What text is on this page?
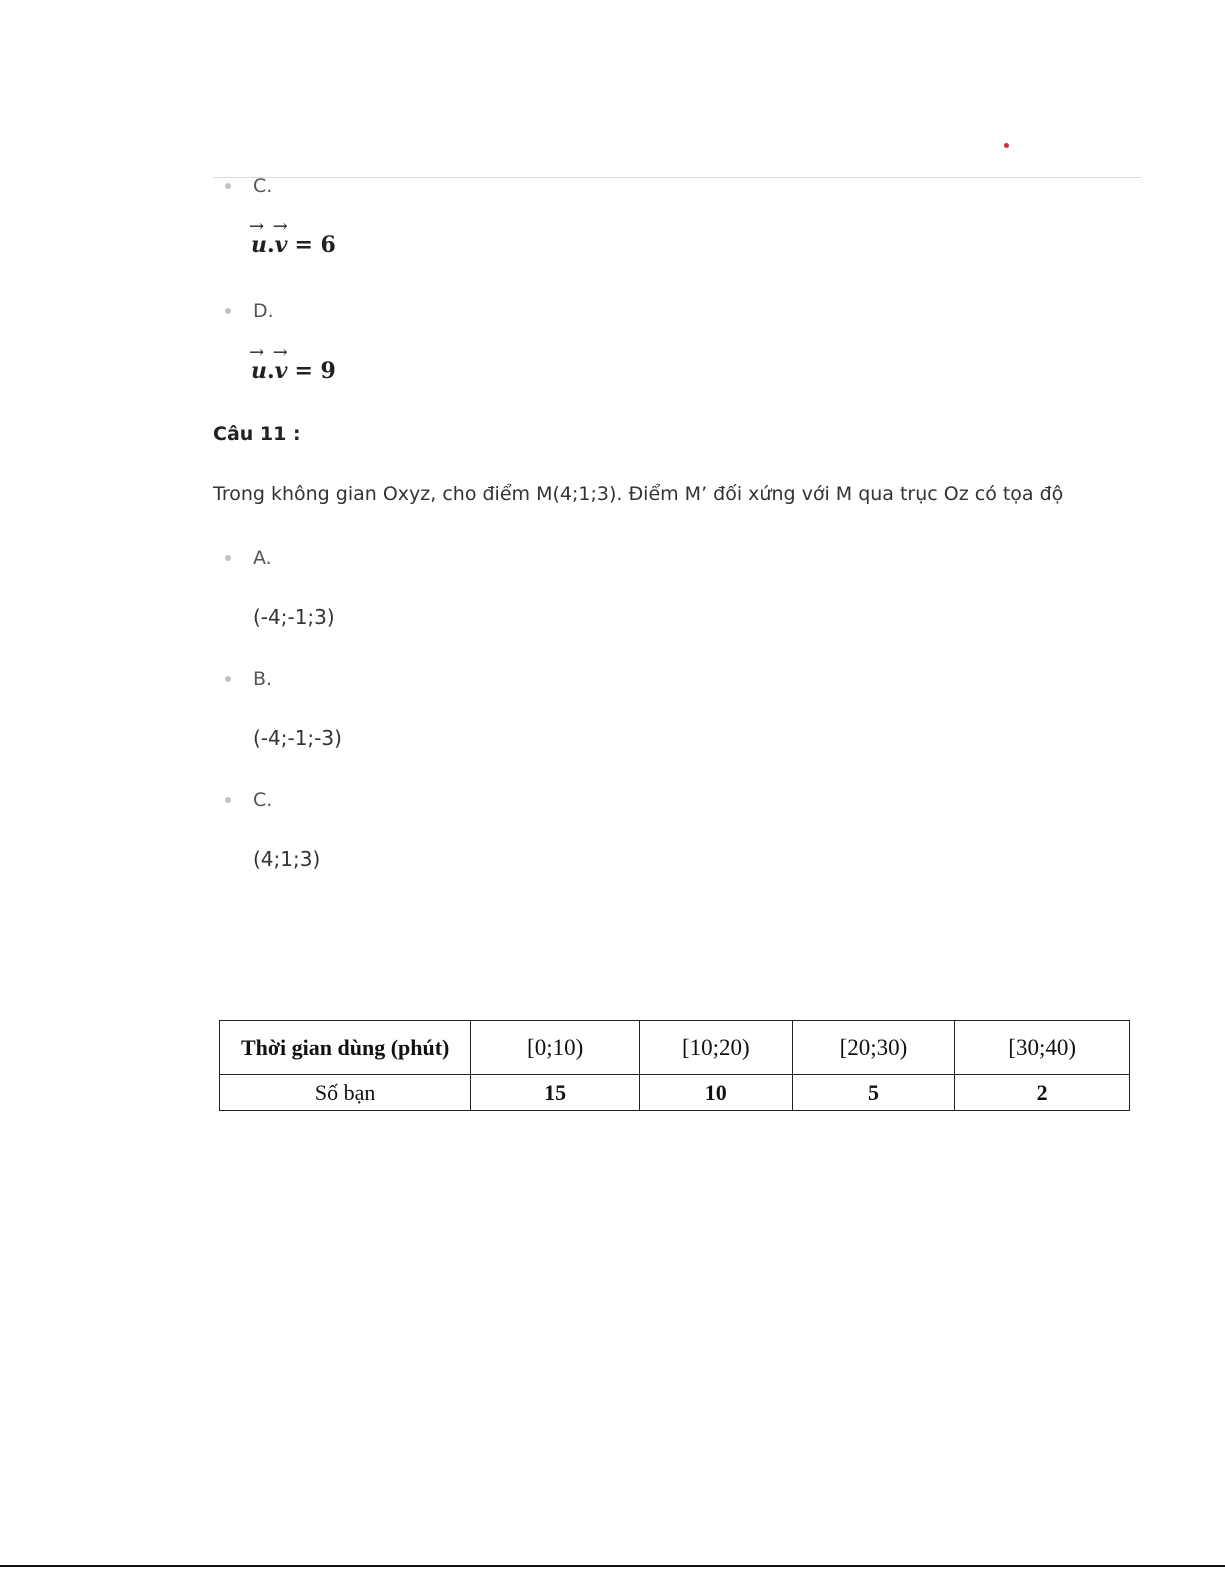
C.
u
→
.v
→
= 6
D.
u
→
.v
→
= 9
Câu 11 :
Trong không gian Oxyz, cho điểm M(4;1;3). Điểm M’ đối xứng với M qua trục Oz có tọa độ
A.
(-4;-1;3)
B.
(-4;-1;-3)
C.
(4;1;3)
Thời gian dùng (phút)	[0;10)	[10;20)	[20;30)	[30;40)
Số bạn	15	10	5	2
